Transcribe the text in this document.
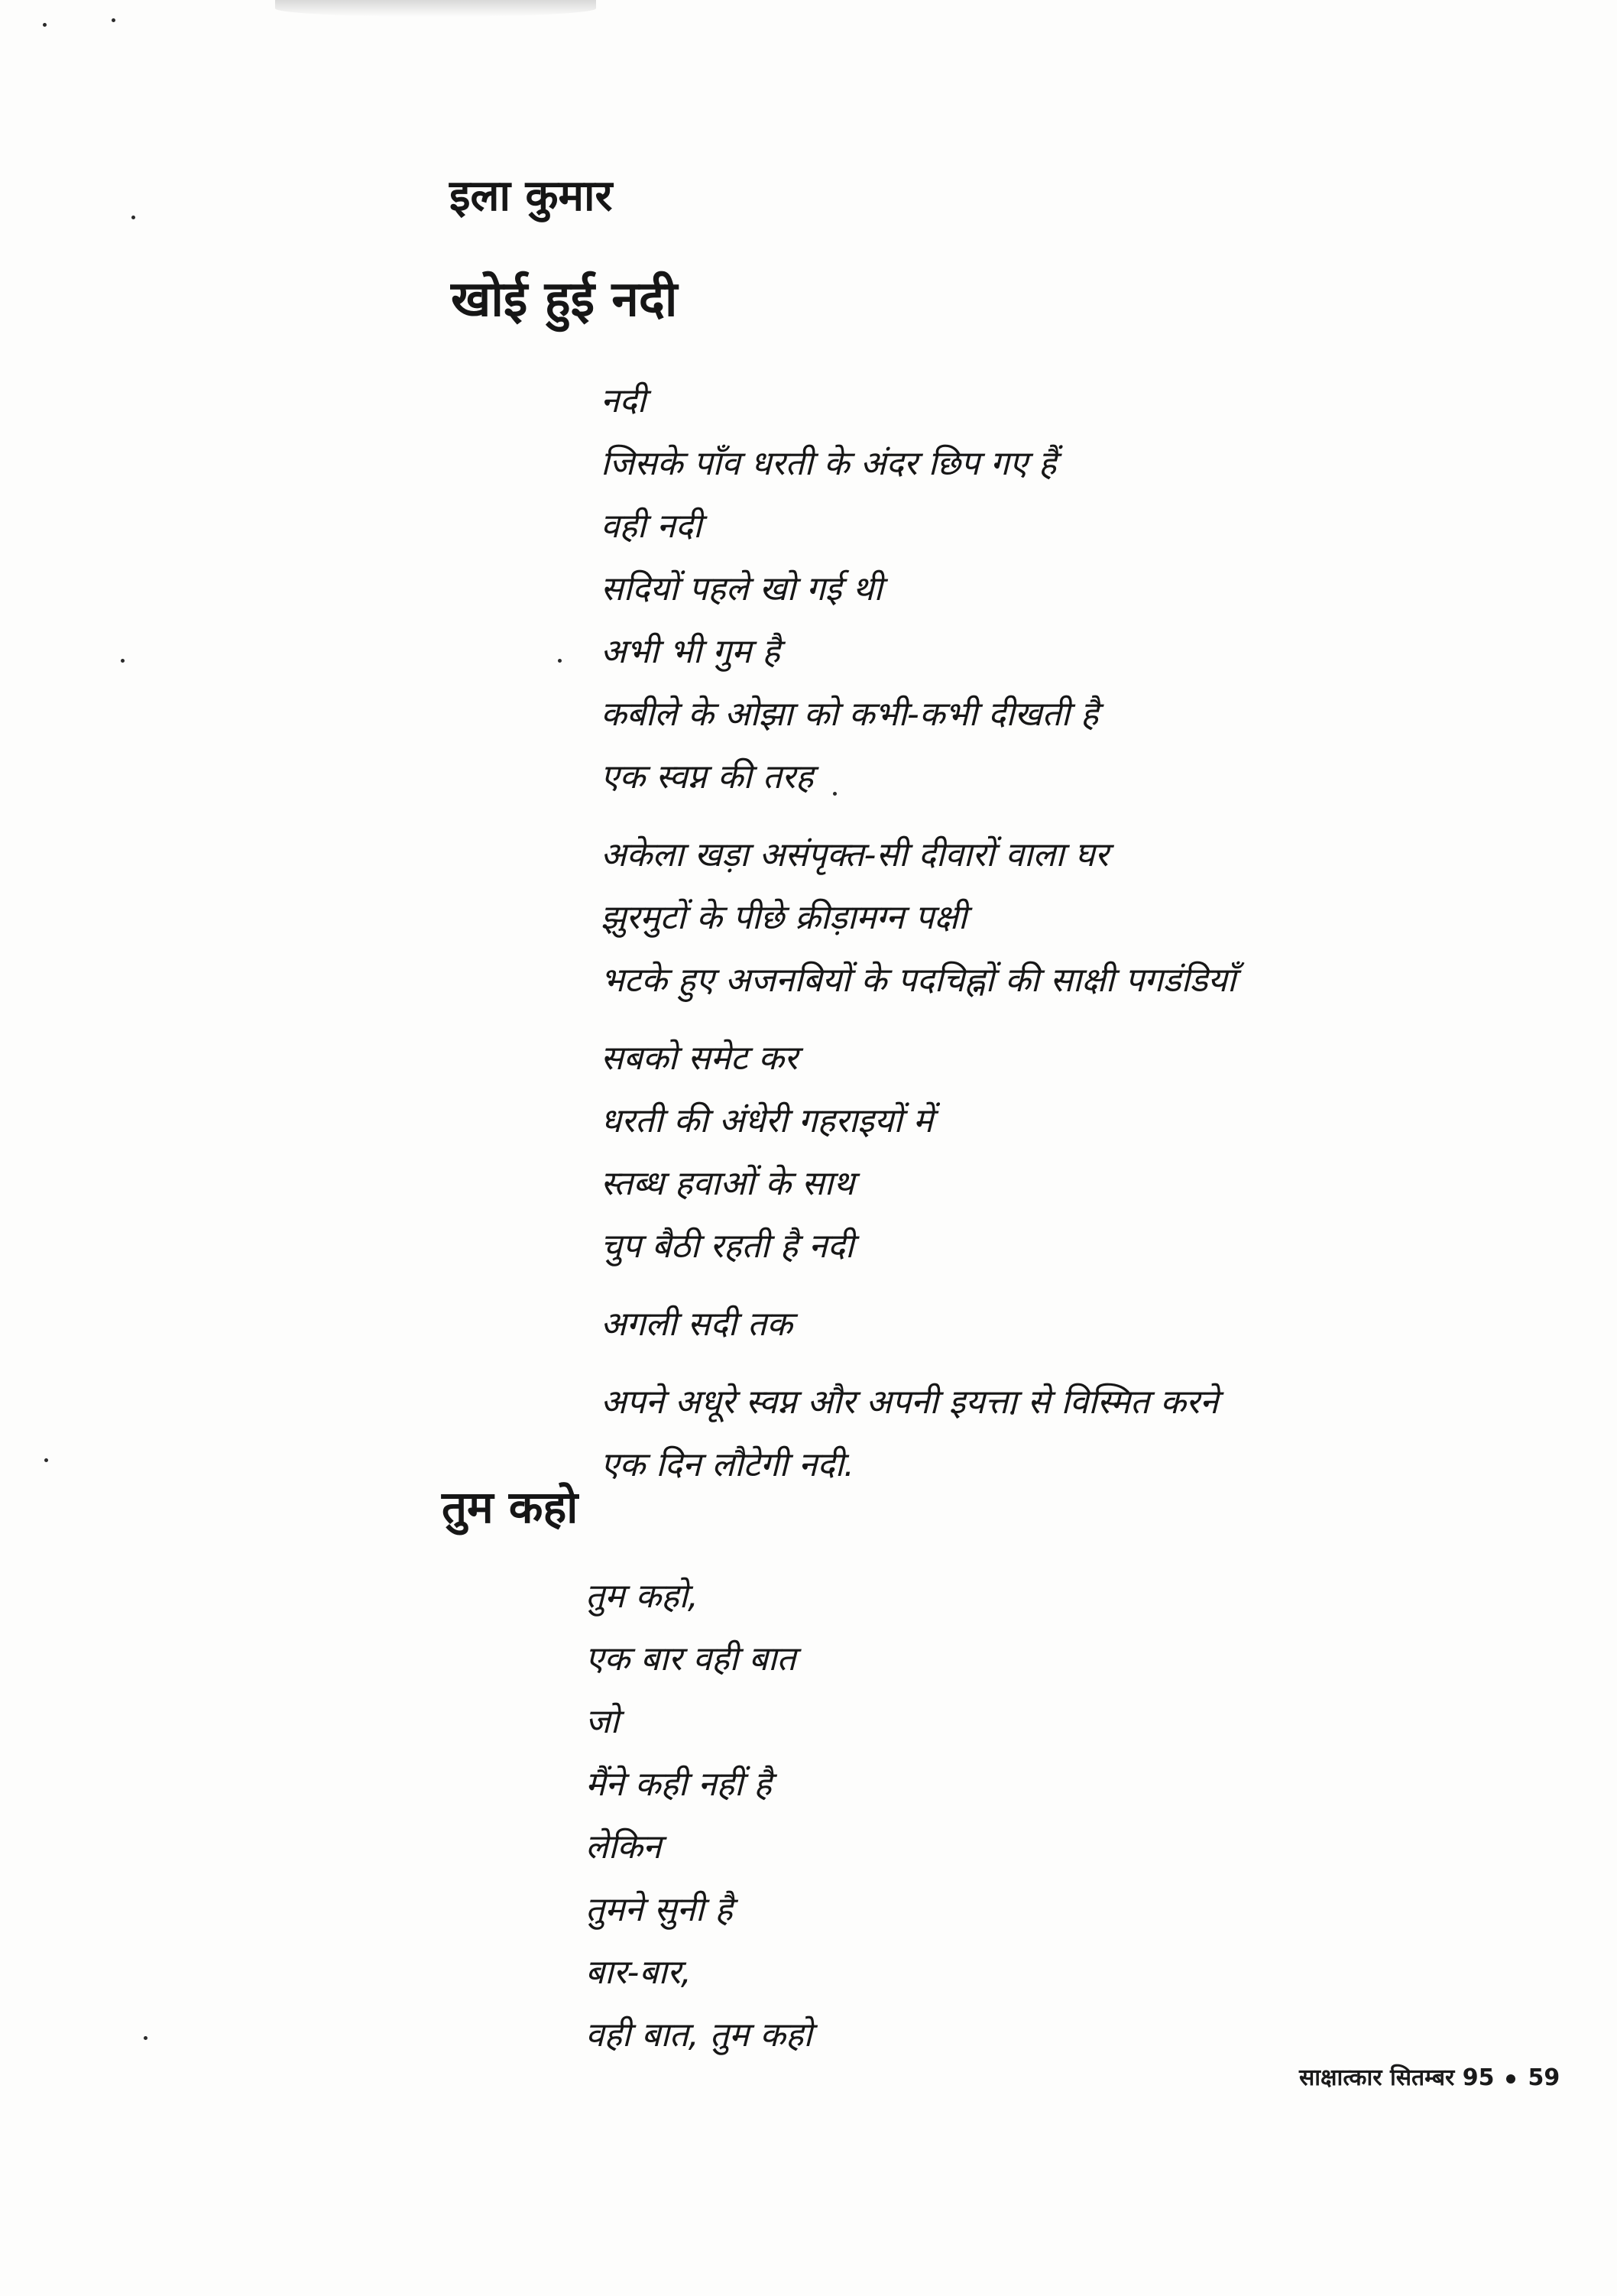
इला कुमार
खोई हुई नदी
नदी
जिसके पाँव धरती के अंदर छिप गए हैं
वही नदी
सदियों पहले खो गई थी
अभी भी गुम है
कबीले के ओझा को कभी-कभी दीखती है
एक स्वप्न की तरह
अकेला खड़ा असंपृक्त-सी दीवारों वाला घर
झुरमुटों के पीछे क्रीड़ामग्न पक्षी
भटके हुए अजनबियों के पदचिह्नों की साक्षी पगडंडियाँ
सबको समेट कर
धरती की अंधेरी गहराइयों में
स्तब्ध हवाओं के साथ
चुप बैठी रहती है नदी
अगली सदी तक
अपने अधूरे स्वप्न और अपनी इयत्ता से विस्मित करने
एक दिन लौटेगी नदी.
तुम कहो
तुम कहो,
एक बार वही बात
जो
मैंने कही नहीं है
लेकिन
तुमने सुनी है
बार-बार,
वही बात, तुम कहो
साक्षात्कार सितम्बर 95 59
